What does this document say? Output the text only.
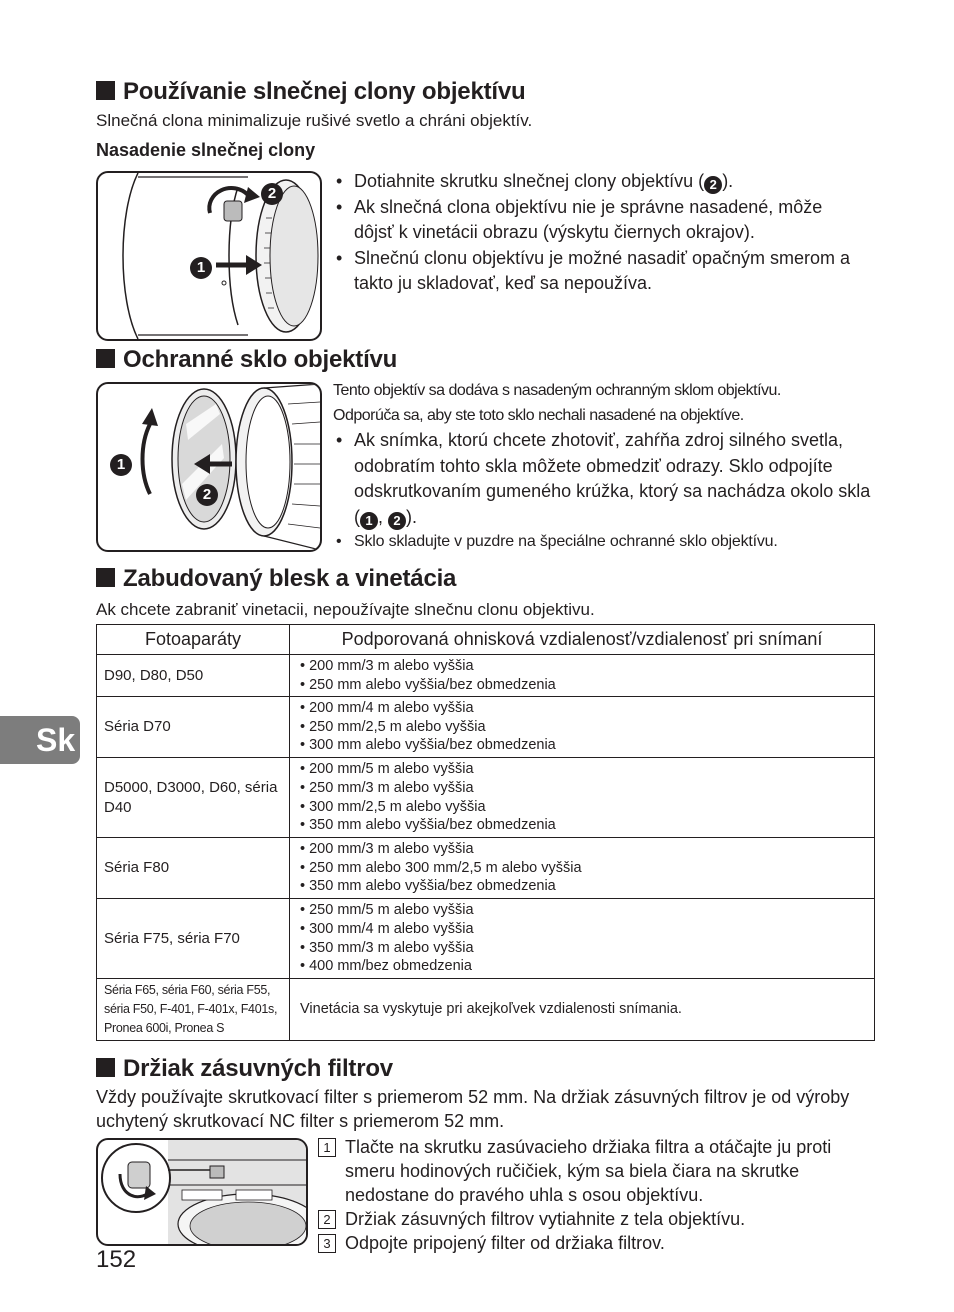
Používanie slnečnej clony objektívu
Slnečná clona minimalizuje rušivé svetlo a chráni objektív.
Nasadenie slnečnej clony
1
2
• Dotiahnite skrutku slnečnej clony objektívu ( 2 ).
• Ak slnečná clona objektívu nie je správne nasadené, môže dôjsť k vinetácii obrazu (výskytu čiernych okrajov).
• Slnečnú clonu objektívu je možné nasadiť opačným smerom a takto ju skladovať, keď sa nepoužíva.
Ochranné sklo objektívu
1
2
Tento objektív sa dodáva s nasadeným ochranným sklom objektívu.
Odporúča sa, aby ste toto sklo nechali nasadené na objektíve.
• Ak snímka, ktorú chcete zhotoviť, zahŕňa zdroj silného svetla, odobratím tohto skla môžete obmedziť odrazy. Sklo odpojíte odskrutkovaním gumeného krúžka, ktorý sa nachádza okolo skla ( 1 , 2 ).
• Sklo skladujte v puzdre na špeciálne ochranné sklo objektívu.
Zabudovaný blesk a vinetácia
Ak chcete zabraniť vinetacii, nepoužívajte slnečnu clonu objektivu.
Fotoaparáty	Podporovaná ohnisková vzdialenosť/vzdialenosť pri snímaní
D90, D80, D50	• 200 mm/3 m alebo vyššia
• 250 mm alebo vyššia/bez obmedzenia

Séria D70	• 200 mm/4 m alebo vyššia
• 250 mm/2,5 m alebo vyššia
• 300 mm alebo vyššia/bez obmedzenia

D5000, D3000, D60, séria D40	• 200 mm/5 m alebo vyššia
• 250 mm/3 m alebo vyššia
• 300 mm/2,5 m alebo vyššia
• 350 mm alebo vyššia/bez obmedzenia

Séria F80	• 200 mm/3 m alebo vyššia
• 250 mm alebo 300 mm/2,5 m alebo vyššia
• 350 mm alebo vyššia/bez obmedzenia

Séria F75, séria F70	• 250 mm/5 m alebo vyššia
• 300 mm/4 m alebo vyššia
• 350 mm/3 m alebo vyššia
• 400 mm/bez obmedzenia

Séria F65, séria F60, séria F55, séria F50, F-401, F-401x, F401s, Pronea 600i, Pronea S	Vinetácia sa vyskytuje pri akejkoľvek vzdialenosti snímania.
Sk
Držiak zásuvných filtrov
Vždy používajte skrutkovací filter s priemerom 52 mm. Na držiak zásuvných filtrov je od výroby uchytený skrutkovací NC filter s priemerom 52 mm.
1 Tlačte na skrutku zasúvacieho držiaka filtra a otáčajte ju proti smeru hodinových ručičiek, kým sa biela čiara na skrutke nedostane do pravého uhla s osou objektívu.
2 Držiak zásuvných filtrov vytiahnite z tela objektívu.
3 Odpojte pripojený filter od držiaka filtrov.
152
